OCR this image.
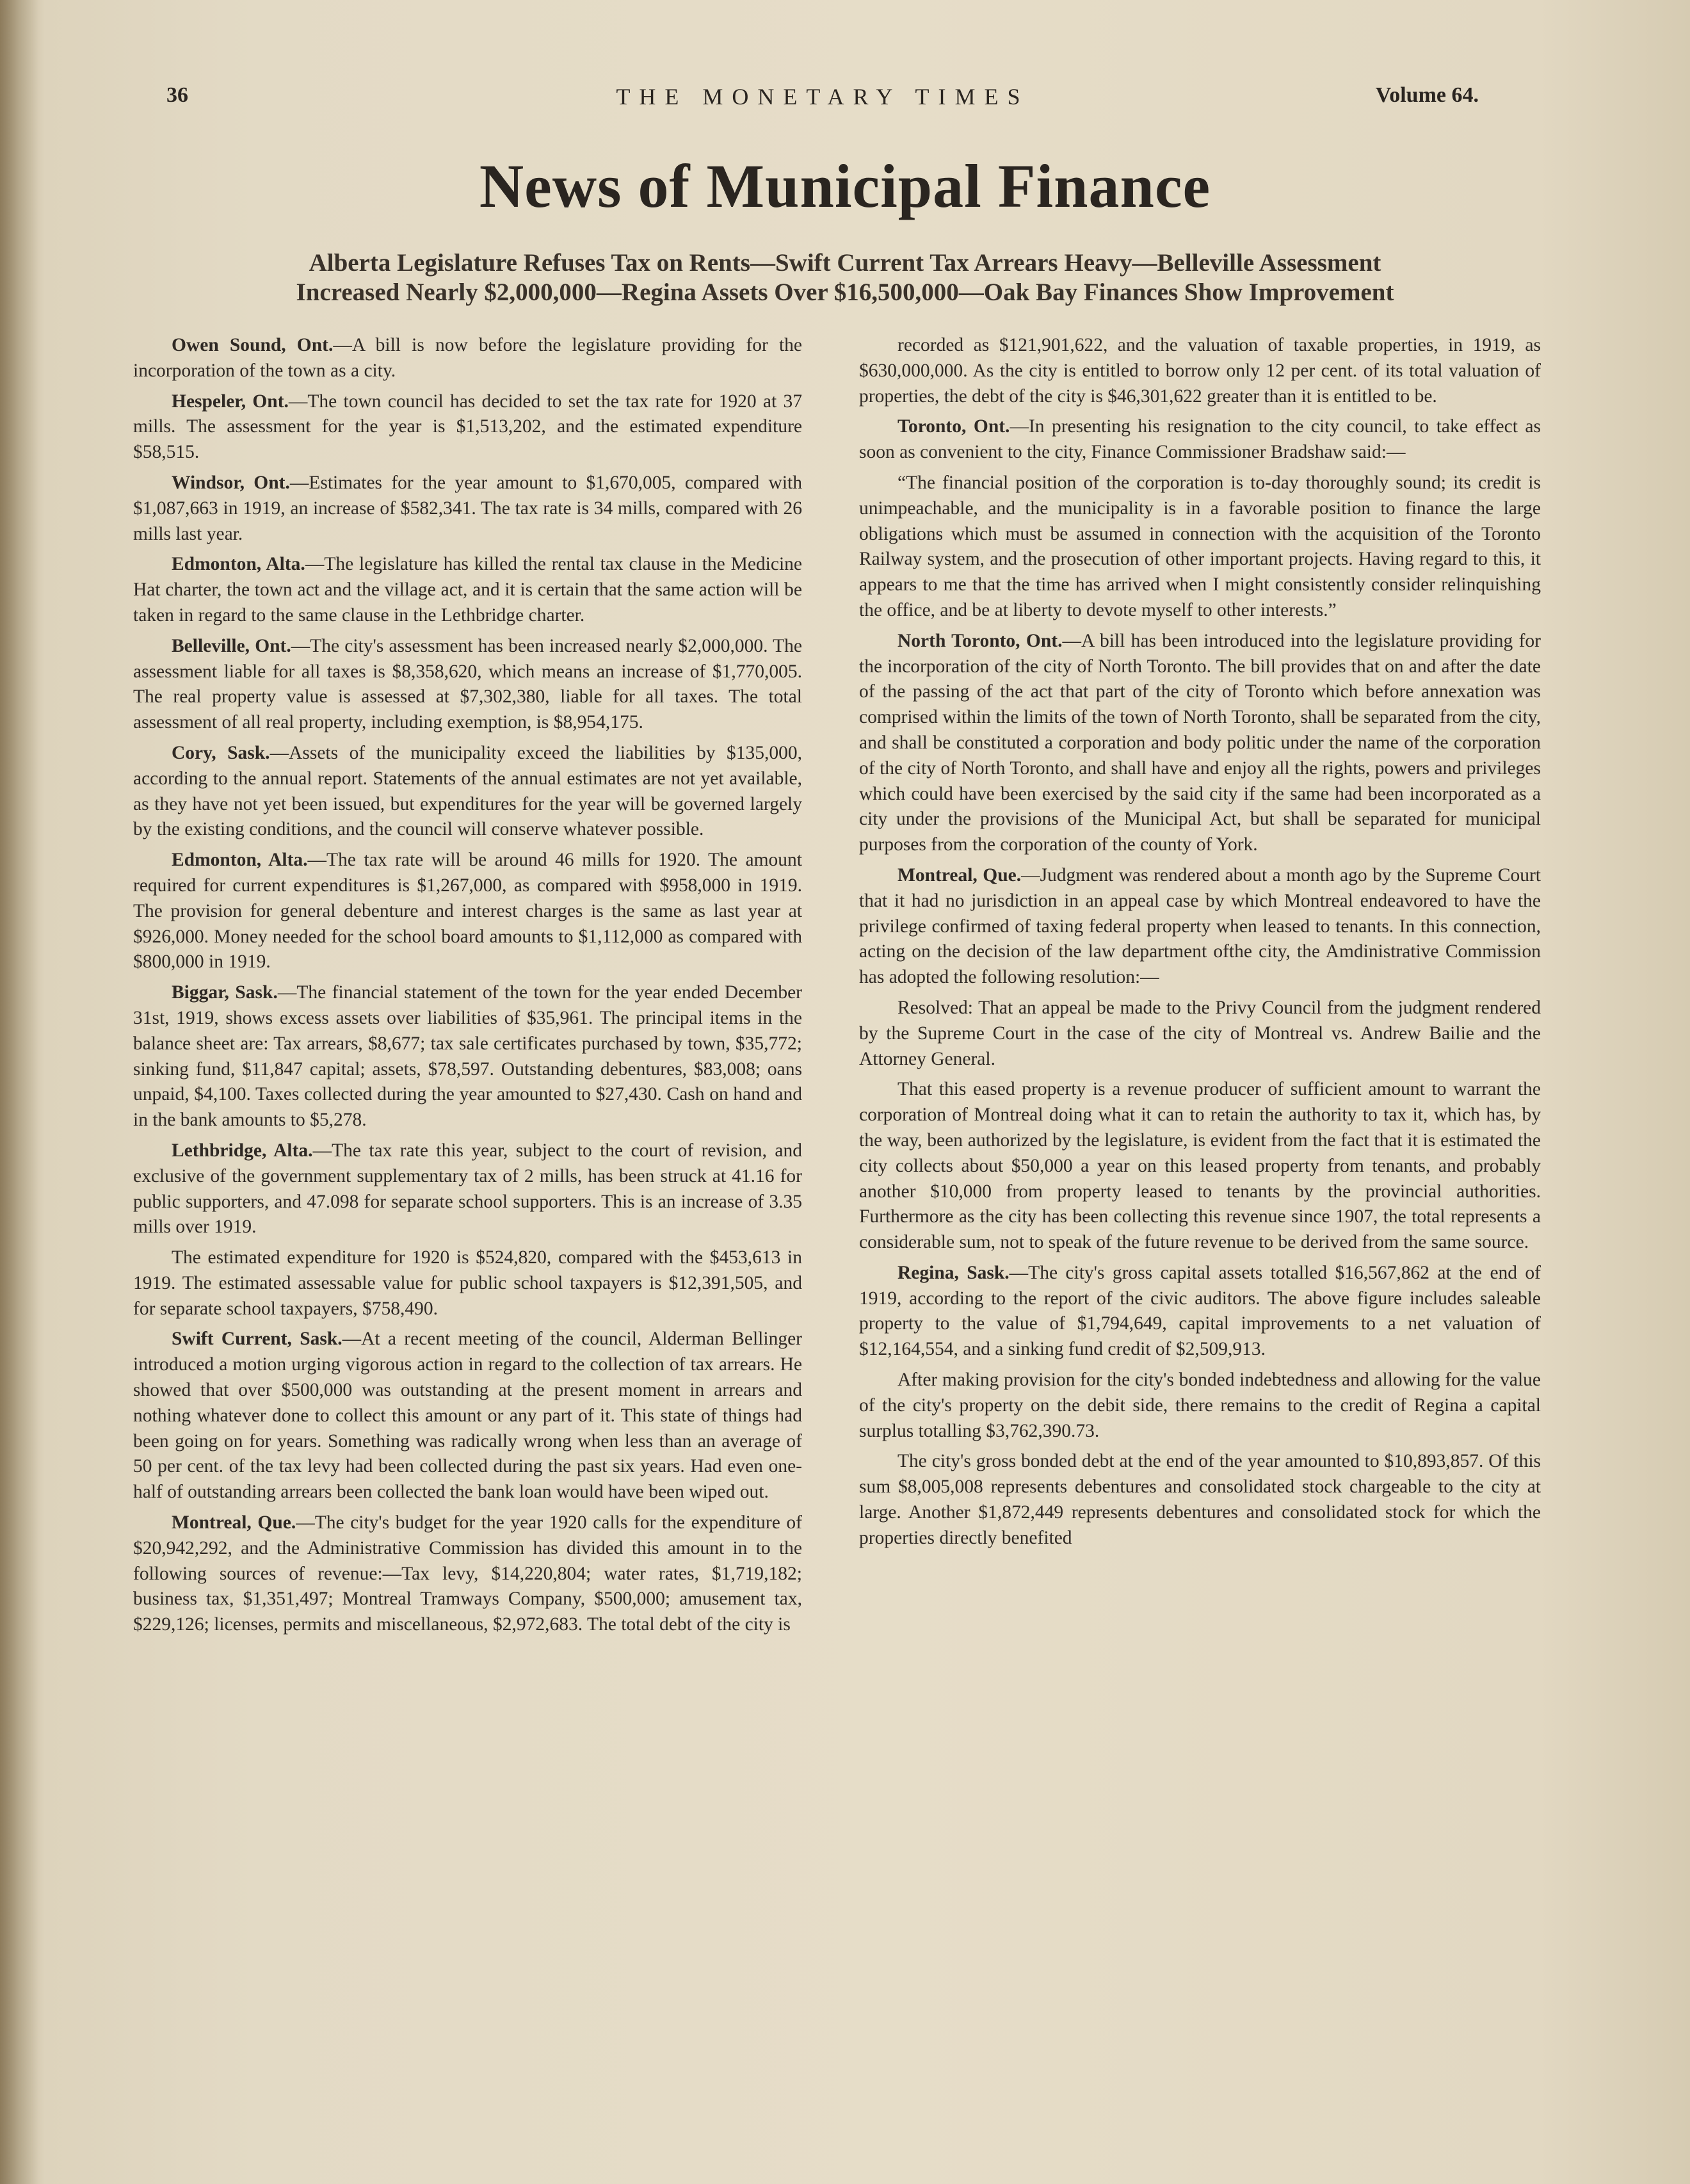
36	THE MONETARY TIMES	Volume 64.
News of Municipal Finance
Alberta Legislature Refuses Tax on Rents—Swift Current Tax Arrears Heavy—Belleville Assessment
Increased Nearly $2,000,000—Regina Assets Over $16,500,000—Oak Bay Finances Show Improvement

Owen Sound, Ont.—A bill is now before the legislature providing for the incorporation of the town as a city.

Hespeler, Ont.—The town council has decided to set the tax rate for 1920 at 37 mills. The assessment for the year is $1,513,202, and the estimated expenditure $58,515.

Windsor, Ont.—Estimates for the year amount to $1,670,005, compared with $1,087,663 in 1919, an increase of $582,341. The tax rate is 34 mills, compared with 26 mills last year.

Edmonton, Alta.—The legislature has killed the rental tax clause in the Medicine Hat charter, the town act and the village act, and it is certain that the same action will be taken in regard to the same clause in the Lethbridge charter.

Belleville, Ont.—The city's assessment has been increased nearly $2,000,000. The assessment liable for all taxes is $8,358,620, which means an increase of $1,770,005. The real property value is assessed at $7,302,380, liable for all taxes. The total assessment of all real property, including exemption, is $8,954,175.

Cory, Sask.—Assets of the municipality exceed the liabilities by $135,000, according to the annual report. Statements of the annual estimates are not yet available, as they have not yet been issued, but expenditures for the year will be governed largely by the existing conditions, and the council will conserve whatever possible.

Edmonton, Alta.—The tax rate will be around 46 mills for 1920. The amount required for current expenditures is $1,267,000, as compared with $958,000 in 1919. The provision for general debenture and interest charges is the same as last year at $926,000. Money needed for the school board amounts to $1,112,000 as compared with $800,000 in 1919.

Biggar, Sask.—The financial statement of the town for the year ended December 31st, 1919, shows excess assets over liabilities of $35,961. The principal items in the balance sheet are: Tax arrears, $8,677; tax sale certificates purchased by town, $35,772; sinking fund, $11,847 capital; assets, $78,597. Outstanding debentures, $83,008; oans unpaid, $4,100. Taxes collected during the year amounted to $27,430. Cash on hand and in the bank amounts to $5,278.

Lethbridge, Alta.—The tax rate this year, subject to the court of revision, and exclusive of the government supplementary tax of 2 mills, has been struck at 41.16 for public supporters, and 47.098 for separate school supporters. This is an increase of 3.35 mills over 1919.

The estimated expenditure for 1920 is $524,820, compared with the $453,613 in 1919. The estimated assessable value for public school taxpayers is $12,391,505, and for separate school taxpayers, $758,490.

Swift Current, Sask.—At a recent meeting of the council, Alderman Bellinger introduced a motion urging vigorous action in regard to the collection of tax arrears. He showed that over $500,000 was outstanding at the present moment in arrears and nothing whatever done to collect this amount or any part of it. This state of things had been going on for years. Something was radically wrong when less than an average of 50 per cent. of the tax levy had been collected during the past six years. Had even one-half of outstanding arrears been collected the bank loan would have been wiped out.

Montreal, Que.—The city's budget for the year 1920 calls for the expenditure of $20,942,292, and the Administrative Commission has divided this amount in to the following sources of revenue:—Tax levy, $14,220,804; water rates, $1,719,182; business tax, $1,351,497; Montreal Tramways Company, $500,000; amusement tax, $229,126; licenses, permits and miscellaneous, $2,972,683. The total debt of the city is

recorded as $121,901,622, and the valuation of taxable properties, in 1919, as $630,000,000. As the city is entitled to borrow only 12 per cent. of its total valuation of properties, the debt of the city is $46,301,622 greater than it is entitled to be.

Toronto, Ont.—In presenting his resignation to the city council, to take effect as soon as convenient to the city, Finance Commissioner Bradshaw said:—

“The financial position of the corporation is to-day thoroughly sound; its credit is unimpeachable, and the municipality is in a favorable position to finance the large obligations which must be assumed in connection with the acquisition of the Toronto Railway system, and the prosecution of other important projects. Having regard to this, it appears to me that the time has arrived when I might consistently consider relinquishing the office, and be at liberty to devote myself to other interests.”

North Toronto, Ont.—A bill has been introduced into the legislature providing for the incorporation of the city of North Toronto. The bill provides that on and after the date of the passing of the act that part of the city of Toronto which before annexation was comprised within the limits of the town of North Toronto, shall be separated from the city, and shall be constituted a corporation and body politic under the name of the corporation of the city of North Toronto, and shall have and enjoy all the rights, powers and privileges which could have been exercised by the said city if the same had been incorporated as a city under the provisions of the Municipal Act, but shall be separated for municipal purposes from the corporation of the county of York.

Montreal, Que.—Judgment was rendered about a month ago by the Supreme Court that it had no jurisdiction in an appeal case by which Montreal endeavored to have the privilege confirmed of taxing federal property when leased to tenants. In this connection, acting on the decision of the law department ofthe city, the Amdinistrative Commission has adopted the following resolution:—

Resolved: That an appeal be made to the Privy Council from the judgment rendered by the Supreme Court in the case of the city of Montreal vs. Andrew Bailie and the Attorney General.

That this eased property is a revenue producer of sufficient amount to warrant the corporation of Montreal doing what it can to retain the authority to tax it, which has, by the way, been authorized by the legislature, is evident from the fact that it is estimated the city collects about $50,000 a year on this leased property from tenants, and probably another $10,000 from property leased to tenants by the provincial authorities. Furthermore as the city has been collecting this revenue since 1907, the total represents a considerable sum, not to speak of the future revenue to be derived from the same source.

Regina, Sask.—The city's gross capital assets totalled $16,567,862 at the end of 1919, according to the report of the civic auditors. The above figure includes saleable property to the value of $1,794,649, capital improvements to a net valuation of $12,164,554, and a sinking fund credit of $2,509,913.

After making provision for the city's bonded indebtedness and allowing for the value of the city's property on the debit side, there remains to the credit of Regina a capital surplus totalling $3,762,390.73.

The city's gross bonded debt at the end of the year amounted to $10,893,857. Of this sum $8,005,008 represents debentures and consolidated stock chargeable to the city at large. Another $1,872,449 represents debentures and consolidated stock for which the properties directly benefited
